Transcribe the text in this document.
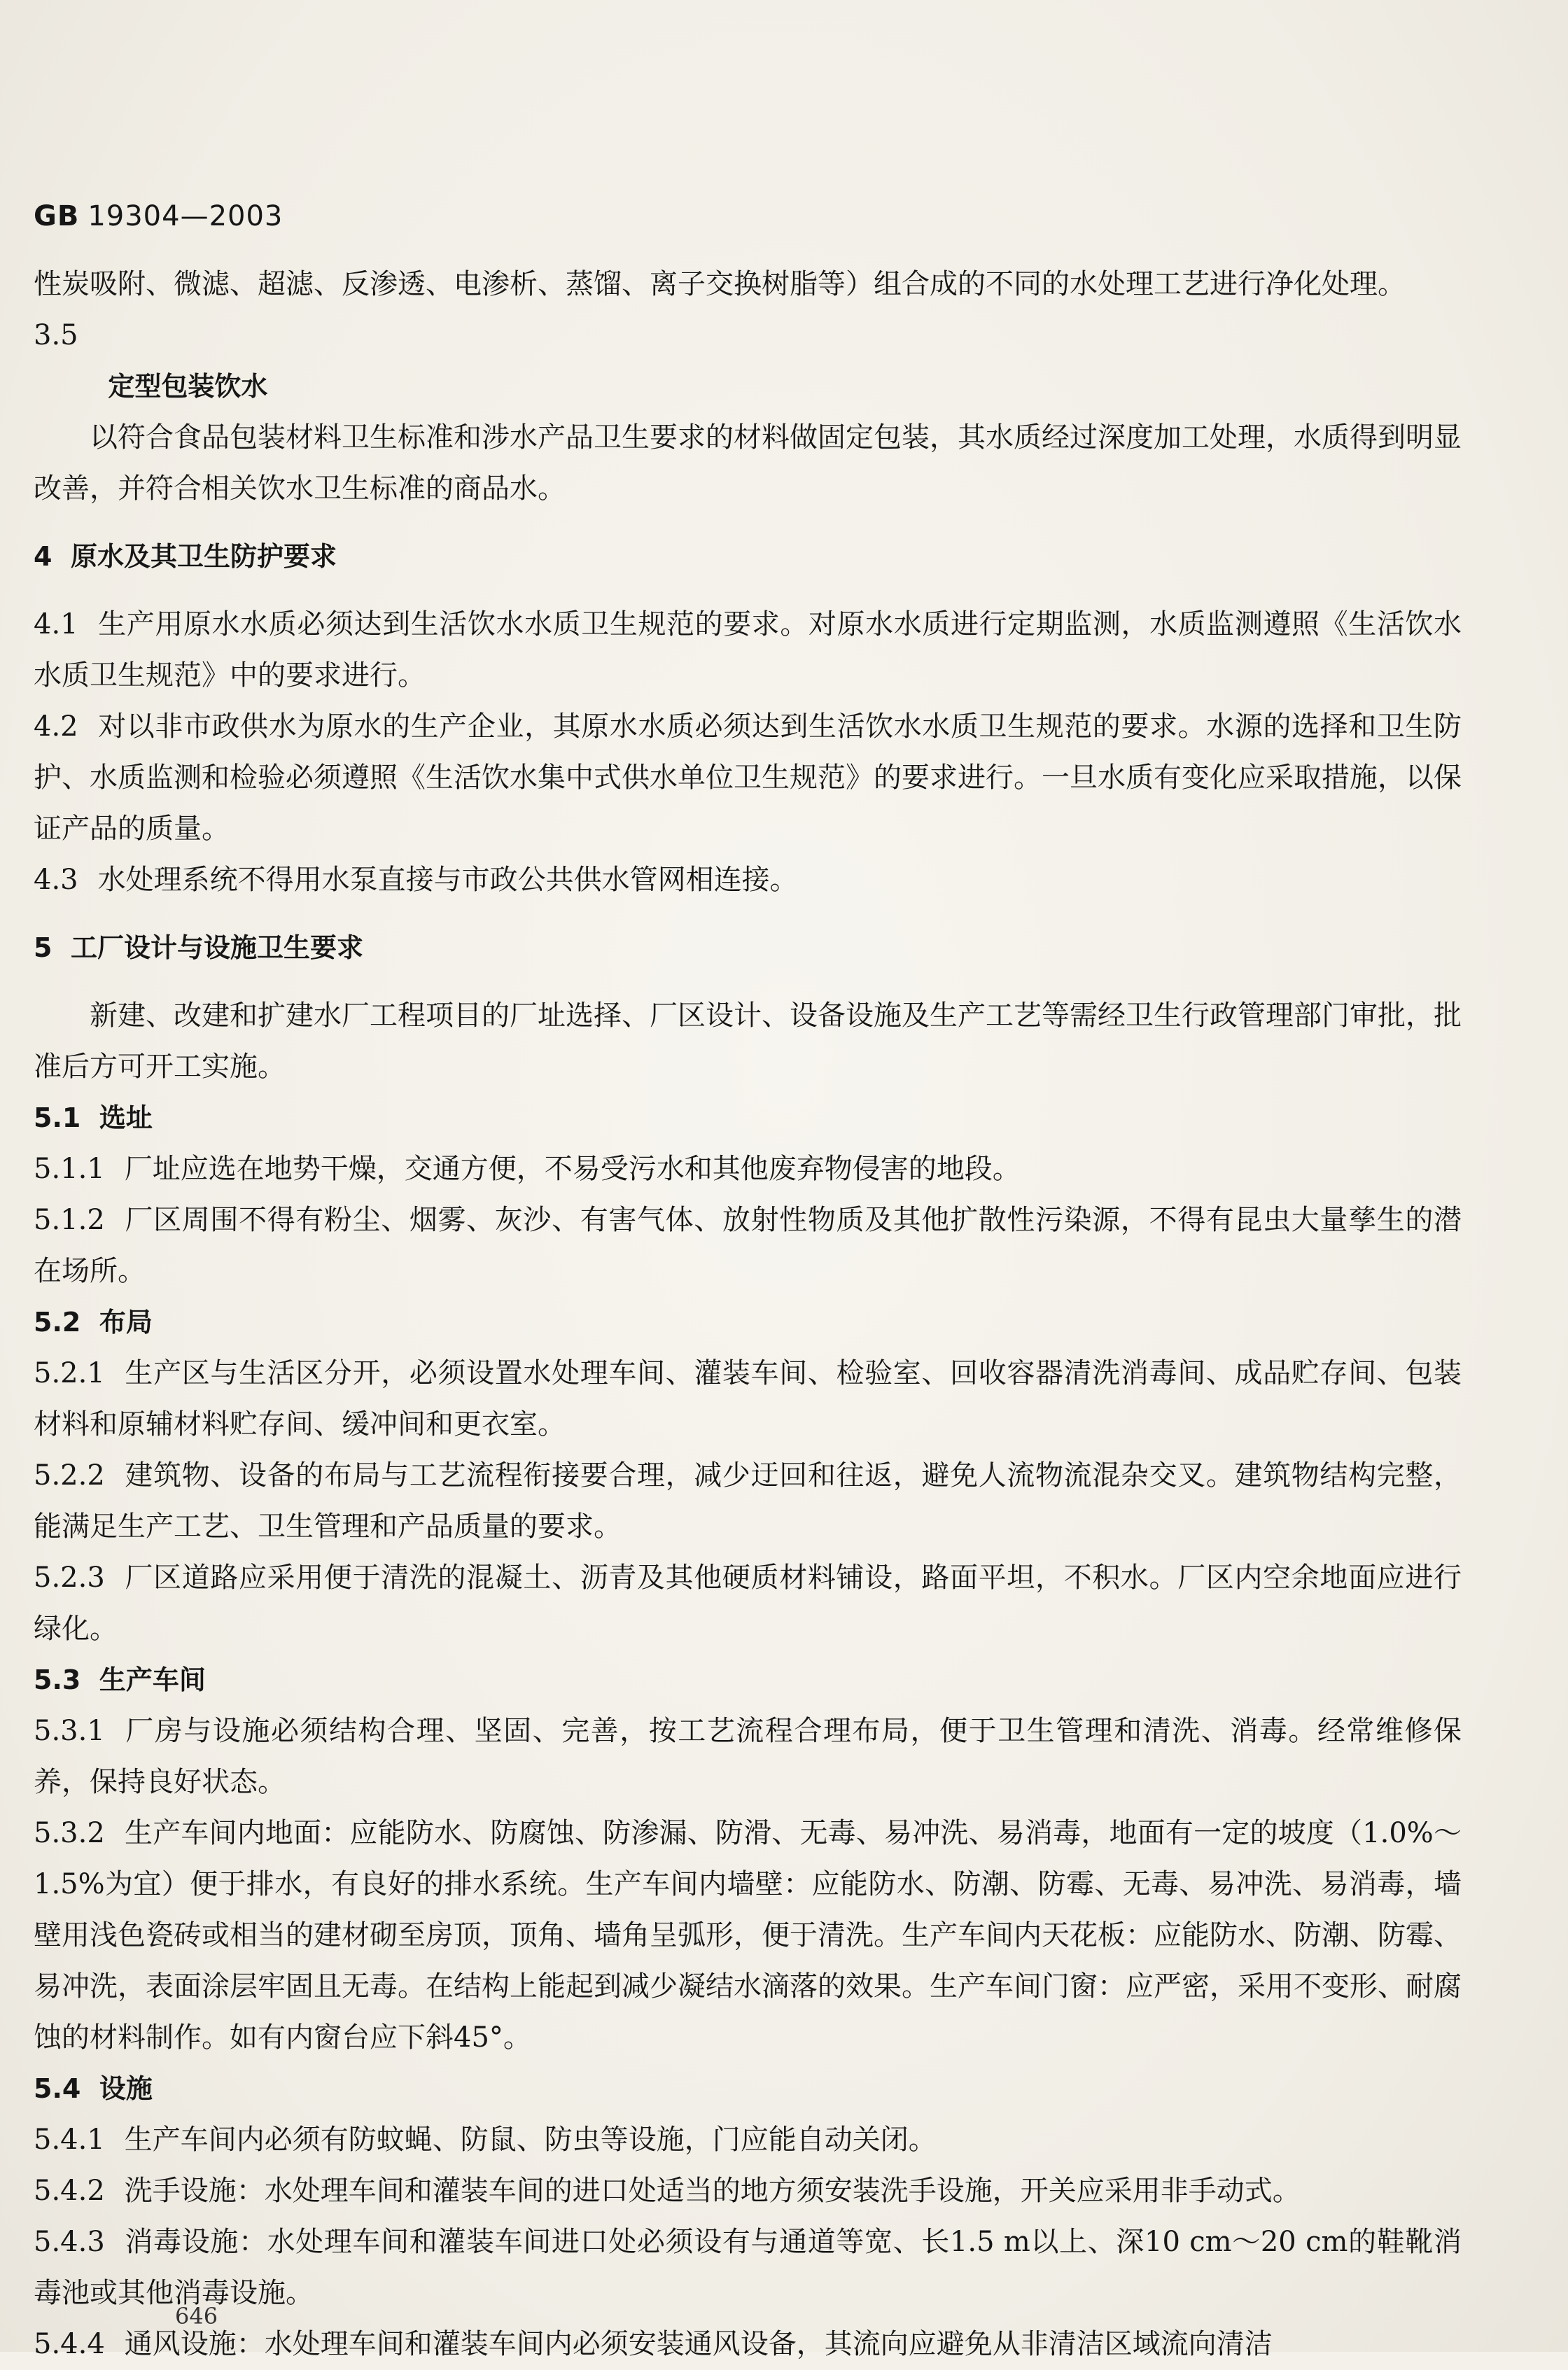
GB 19304—2003

性炭吸附、微滤、超滤、反渗透、电渗析、蒸馏、离子交换树脂等）组合成的不同的水处理工艺进行净化处理。

3.5

定型包装饮水

以符合食品包装材料卫生标准和涉水产品卫生要求的材料做固定包装，其水质经过深度加工处理，水质得到明显改善，并符合相关饮水卫生标准的商品水。

4 原水及其卫生防护要求

4.1 生产用原水水质必须达到生活饮水水质卫生规范的要求。对原水水质进行定期监测，水质监测遵照《生活饮水水质卫生规范》中的要求进行。

4.2 对以非市政供水为原水的生产企业，其原水水质必须达到生活饮水水质卫生规范的要求。水源的选择和卫生防护、水质监测和检验必须遵照《生活饮水集中式供水单位卫生规范》的要求进行。一旦水质有变化应采取措施，以保证产品的质量。

4.3 水处理系统不得用水泵直接与市政公共供水管网相连接。

5 工厂设计与设施卫生要求

新建、改建和扩建水厂工程项目的厂址选择、厂区设计、设备设施及生产工艺等需经卫生行政管理部门审批，批准后方可开工实施。

5.1 选址

5.1.1 厂址应选在地势干燥，交通方便，不易受污水和其他废弃物侵害的地段。

5.1.2 厂区周围不得有粉尘、烟雾、灰沙、有害气体、放射性物质及其他扩散性污染源，不得有昆虫大量孳生的潜在场所。

5.2 布局

5.2.1 生产区与生活区分开，必须设置水处理车间、灌装车间、检验室、回收容器清洗消毒间、成品贮存间、包装材料和原辅材料贮存间、缓冲间和更衣室。

5.2.2 建筑物、设备的布局与工艺流程衔接要合理，减少迂回和往返，避免人流物流混杂交叉。建筑物结构完整，能满足生产工艺、卫生管理和产品质量的要求。

5.2.3 厂区道路应采用便于清洗的混凝土、沥青及其他硬质材料铺设，路面平坦，不积水。厂区内空余地面应进行绿化。

5.3 生产车间

5.3.1 厂房与设施必须结构合理、坚固、完善，按工艺流程合理布局，便于卫生管理和清洗、消毒。经常维修保养，保持良好状态。

5.3.2 生产车间内地面：应能防水、防腐蚀、防渗漏、防滑、无毒、易冲洗、易消毒，地面有一定的坡度（1.0%～1.5%为宜）便于排水，有良好的排水系统。生产车间内墙壁：应能防水、防潮、防霉、无毒、易冲洗、易消毒，墙壁用浅色瓷砖或相当的建材砌至房顶，顶角、墙角呈弧形，便于清洗。生产车间内天花板：应能防水、防潮、防霉、易冲洗，表面涂层牢固且无毒。在结构上能起到减少凝结水滴落的效果。生产车间门窗：应严密，采用不变形、耐腐蚀的材料制作。如有内窗台应下斜45°。

5.4 设施

5.4.1 生产车间内必须有防蚊蝇、防鼠、防虫等设施，门应能自动关闭。

5.4.2 洗手设施：水处理车间和灌装车间的进口处适当的地方须安装洗手设施，开关应采用非手动式。

5.4.3 消毒设施：水处理车间和灌装车间进口处必须设有与通道等宽、长1.5 m以上、深10 cm～20 cm的鞋靴消毒池或其他消毒设施。

5.4.4 通风设施：水处理车间和灌装车间内必须安装通风设备，其流向应避免从非清洁区域流向清洁

646
